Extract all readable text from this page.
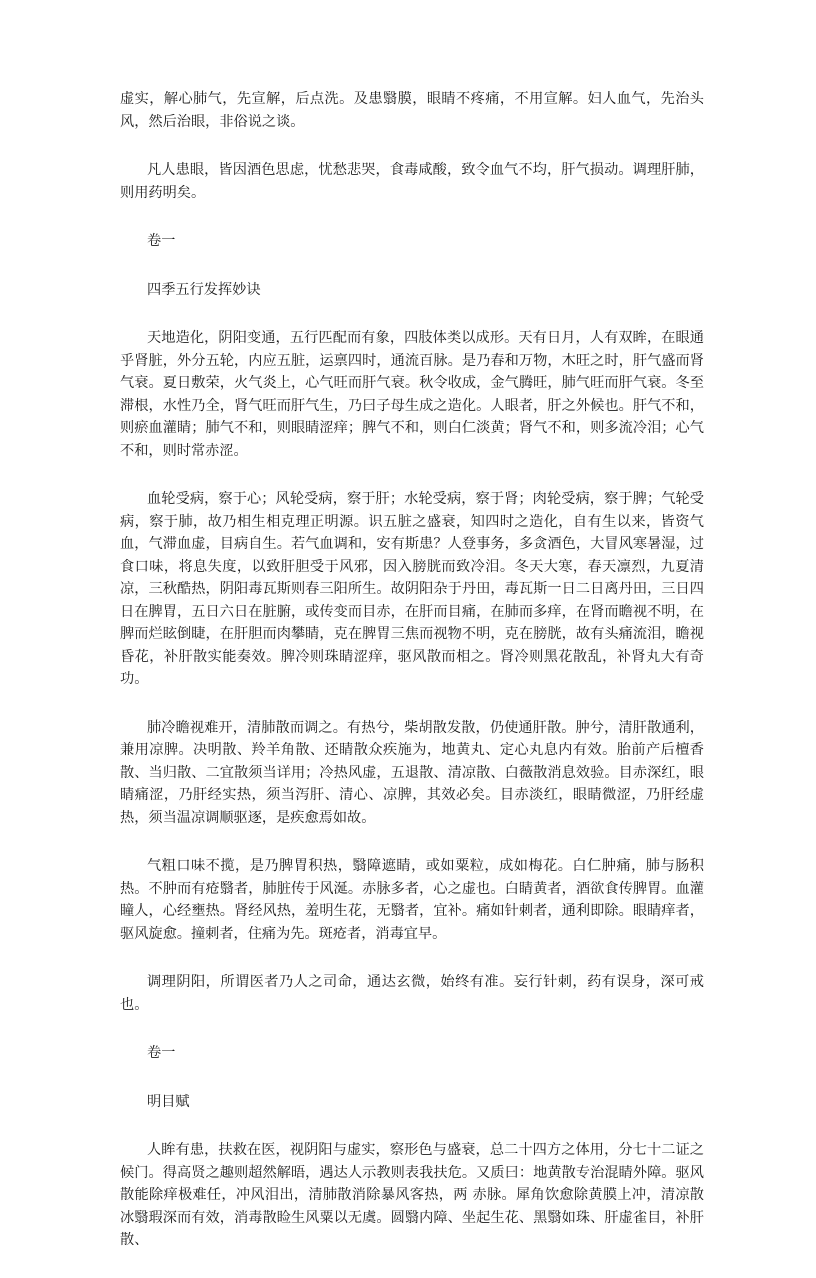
虚实，解心肺气，先宣解，后点洗。及患翳膜，眼睛不疼痛，不用宣解。妇人血气，先治头风，然后治眼，非俗说之谈。

凡人患眼，皆因酒色思虑，忧愁悲哭，食毒咸酸，致令血气不均，肝气损动。调理肝肺，则用药明矣。

卷一

四季五行发挥妙诀

天地造化，阴阳变通，五行匹配而有象，四肢体类以成形。天有日月，人有双眸，在眼通乎肾脏，外分五轮，内应五脏，运禀四时，通流百脉。是乃春和万物，木旺之时，肝气盛而肾气衰。夏日敷荣，火气炎上，心气旺而肝气衰。秋令收成，金气腾旺，肺气旺而肝气衰。冬至滞根，水性乃全，肾气旺而肝气生，乃曰子母生成之造化。人眼者，肝之外候也。肝气不和，则瘀血灌睛；肺气不和，则眼睛涩痒；脾气不和，则白仁淡黄；肾气不和，则多流冷泪；心气不和，则时常赤涩。

血轮受病，察于心；风轮受病，察于肝；水轮受病，察于肾；肉轮受病，察于脾；气轮受病，察于肺，故乃相生相克理正明源。识五脏之盛衰，知四时之造化，自有生以来，皆资气血，气滞血虚，目病自生。若气血调和，安有斯患？人登事务，多贪酒色，大冒风寒暑湿，过食口味，将息失度，以致肝胆受于风邪，因入膀胱而致冷泪。冬天大寒，春天凛烈，九夏清凉，三秋酷热，阴阳毒瓦斯则春三阳所生。故阴阳杂于丹田，毒瓦斯一日二日离丹田，三日四日在脾胃，五日六日在脏腑，或传变而目赤，在肝而目痛，在肺而多痒，在肾而瞻视不明，在脾而烂眩倒睫，在肝胆而肉攀睛，克在脾胃三焦而视物不明，克在膀胱，故有头痛流泪，瞻视昏花，补肝散实能奏效。脾冷则珠睛涩痒，驱风散而相之。肾冷则黑花散乱，补肾丸大有奇功。

肺冷瞻视难开，清肺散而调之。有热兮，柴胡散发散，仍使通肝散。肿兮，清肝散通利，兼用凉脾。决明散、羚羊角散、还睛散众疾施为，地黄丸、定心丸息内有效。胎前产后檀香散、当归散、二宜散须当详用；冷热风虚，五退散、清凉散、白薇散消息效验。目赤深红，眼睛痛涩，乃肝经实热，须当泻肝、清心、凉脾，其效必矣。目赤淡红，眼睛微涩，乃肝经虚热，须当温凉调顺驱逐，是疾愈焉如故。

气粗口味不揽，是乃脾胃积热，翳障遮睛，或如粟粒，成如梅花。白仁肿痛，肺与肠积热。不肿而有疮翳者，肺脏传于风涎。赤脉多者，心之虚也。白睛黄者，酒欲食传脾胃。血灌瞳人，心经壅热。肾经风热，羞明生花，无翳者，宜补。痛如针刺者，通利即除。眼睛痒者，驱风旋愈。撞刺者，住痛为先。斑疮者，消毒宜早。

调理阴阳，所谓医者乃人之司命，通达玄微，始终有准。妄行针刺，药有误身，深可戒也。

卷一

明目赋

人眸有患，扶救在医，视阴阳与虚实，察形色与盛衰，总二十四方之体用，分七十二证之候门。得高贤之趣则超然解晤，遇达人示教则表我扶危。又质曰：地黄散专治混睛外障。驱风散能除痒极难任，冲风泪出，清肺散消除暴风客热，两 赤脉。犀角饮愈除黄膜上冲，清凉散冰翳瑕深而有效，消毒散睑生风粟以无虞。圆翳内障、坐起生花、黑翳如珠、肝虚雀目，补肝散、
